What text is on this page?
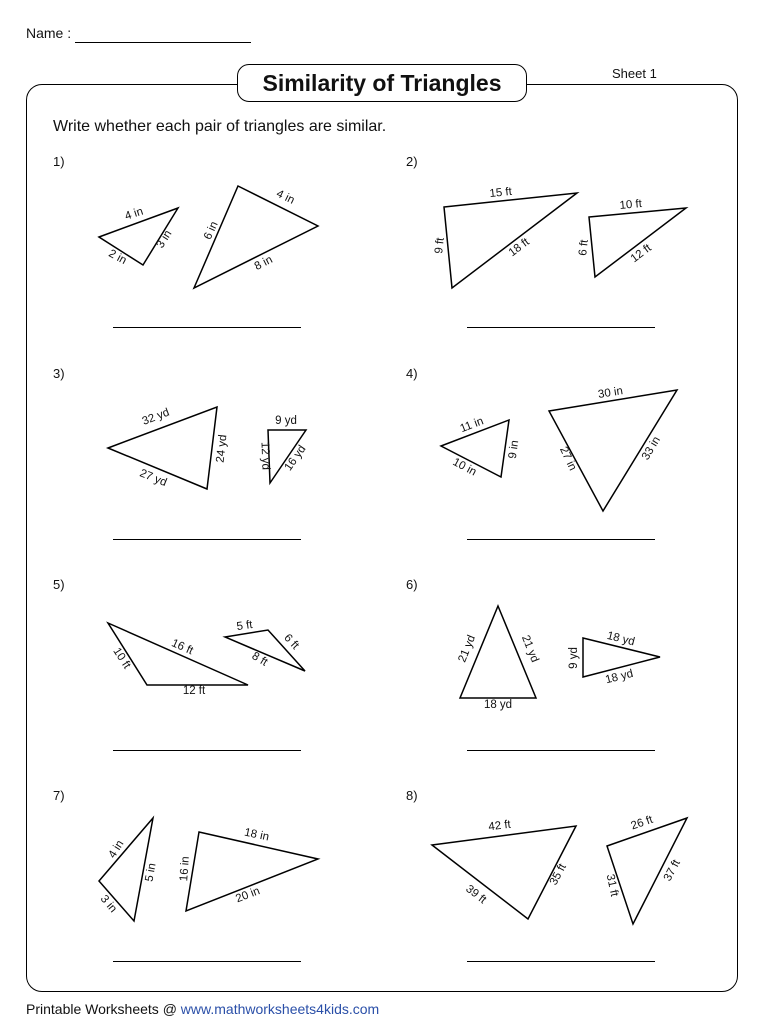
Name :
Similarity of Triangles	Sheet 1
Write whether each pair of triangles are similar.
1)	2)
3)	4)
5)	6)
7)	8)
4 in
3 in
2 in
4 in
8 in
6 in
15 ft
18 ft
9 ft
10 ft
12 ft
6 ft
32 yd
24 yd
27 yd
9 yd
16 yd
12 yd
11 in
9 in
10 in
30 in
33 in
27 in
16 ft
12 ft
10 ft
5 ft
6 ft
8 ft	21 yd	21 yd
18 yd
18 yd
18 yd
9 yd
4 in
5 in
3 in
18 in
20 in
16 in
42 ft
35 ft
39 ft
26 ft
37 ft
31 ft
Printable Worksheets @ www.mathworksheets4kids.com
